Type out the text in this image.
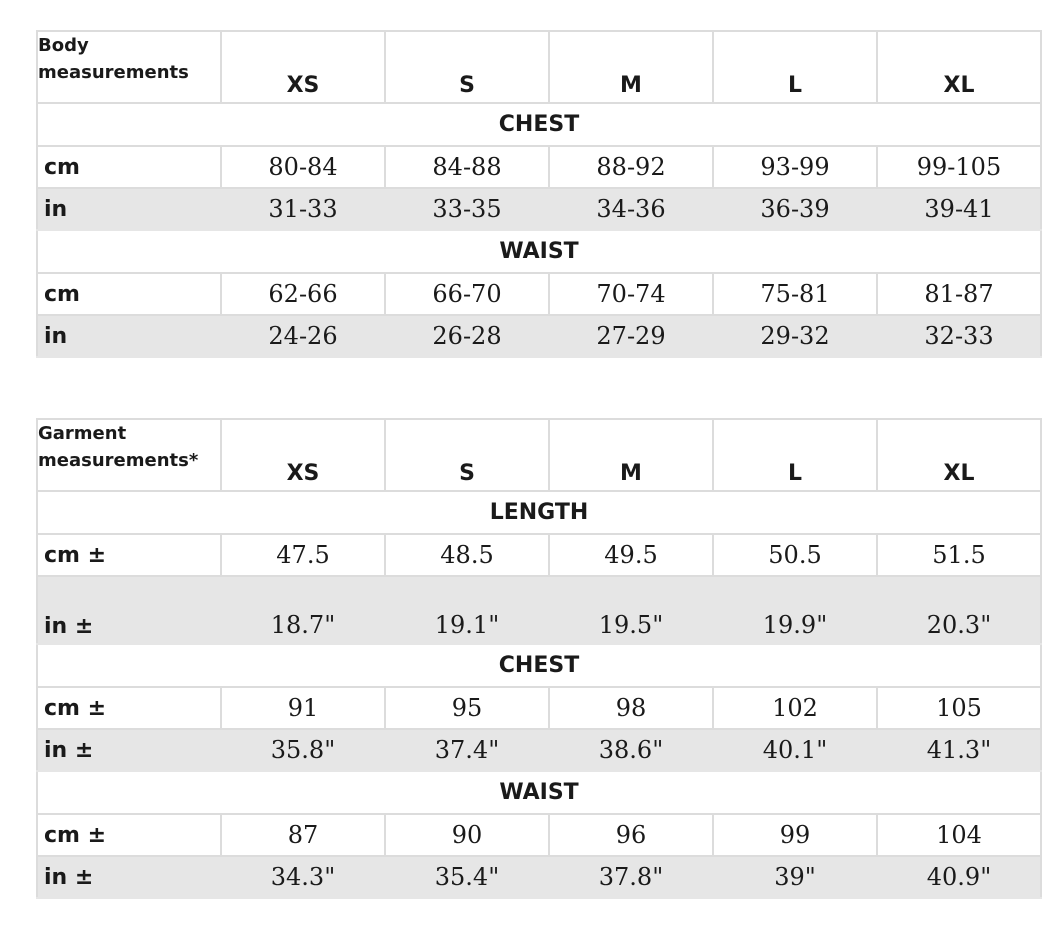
Body
measurements	XS	S	M	L	XL
CHEST					
cm	80-84	84-88	88-92	93-99	99-105
in	31-33	33-35	34-36	36-39	39-41
WAIST					
cm	62-66	66-70	70-74	75-81	81-87
in	24-26	26-28	27-29	29-32	32-33
Garment
measurements*	XS	S	M	L	XL
LENGTH					
cm ±	47.5	48.5	49.5	50.5	51.5
in ±	18.7"	19.1"	19.5"	19.9"	20.3"
CHEST					
cm ±	91	95	98	102	105
in ±	35.8"	37.4"	38.6"	40.1"	41.3"
WAIST					
cm ±	87	90	96	99	104
in ±	34.3"	35.4"	37.8"	39"	40.9"
